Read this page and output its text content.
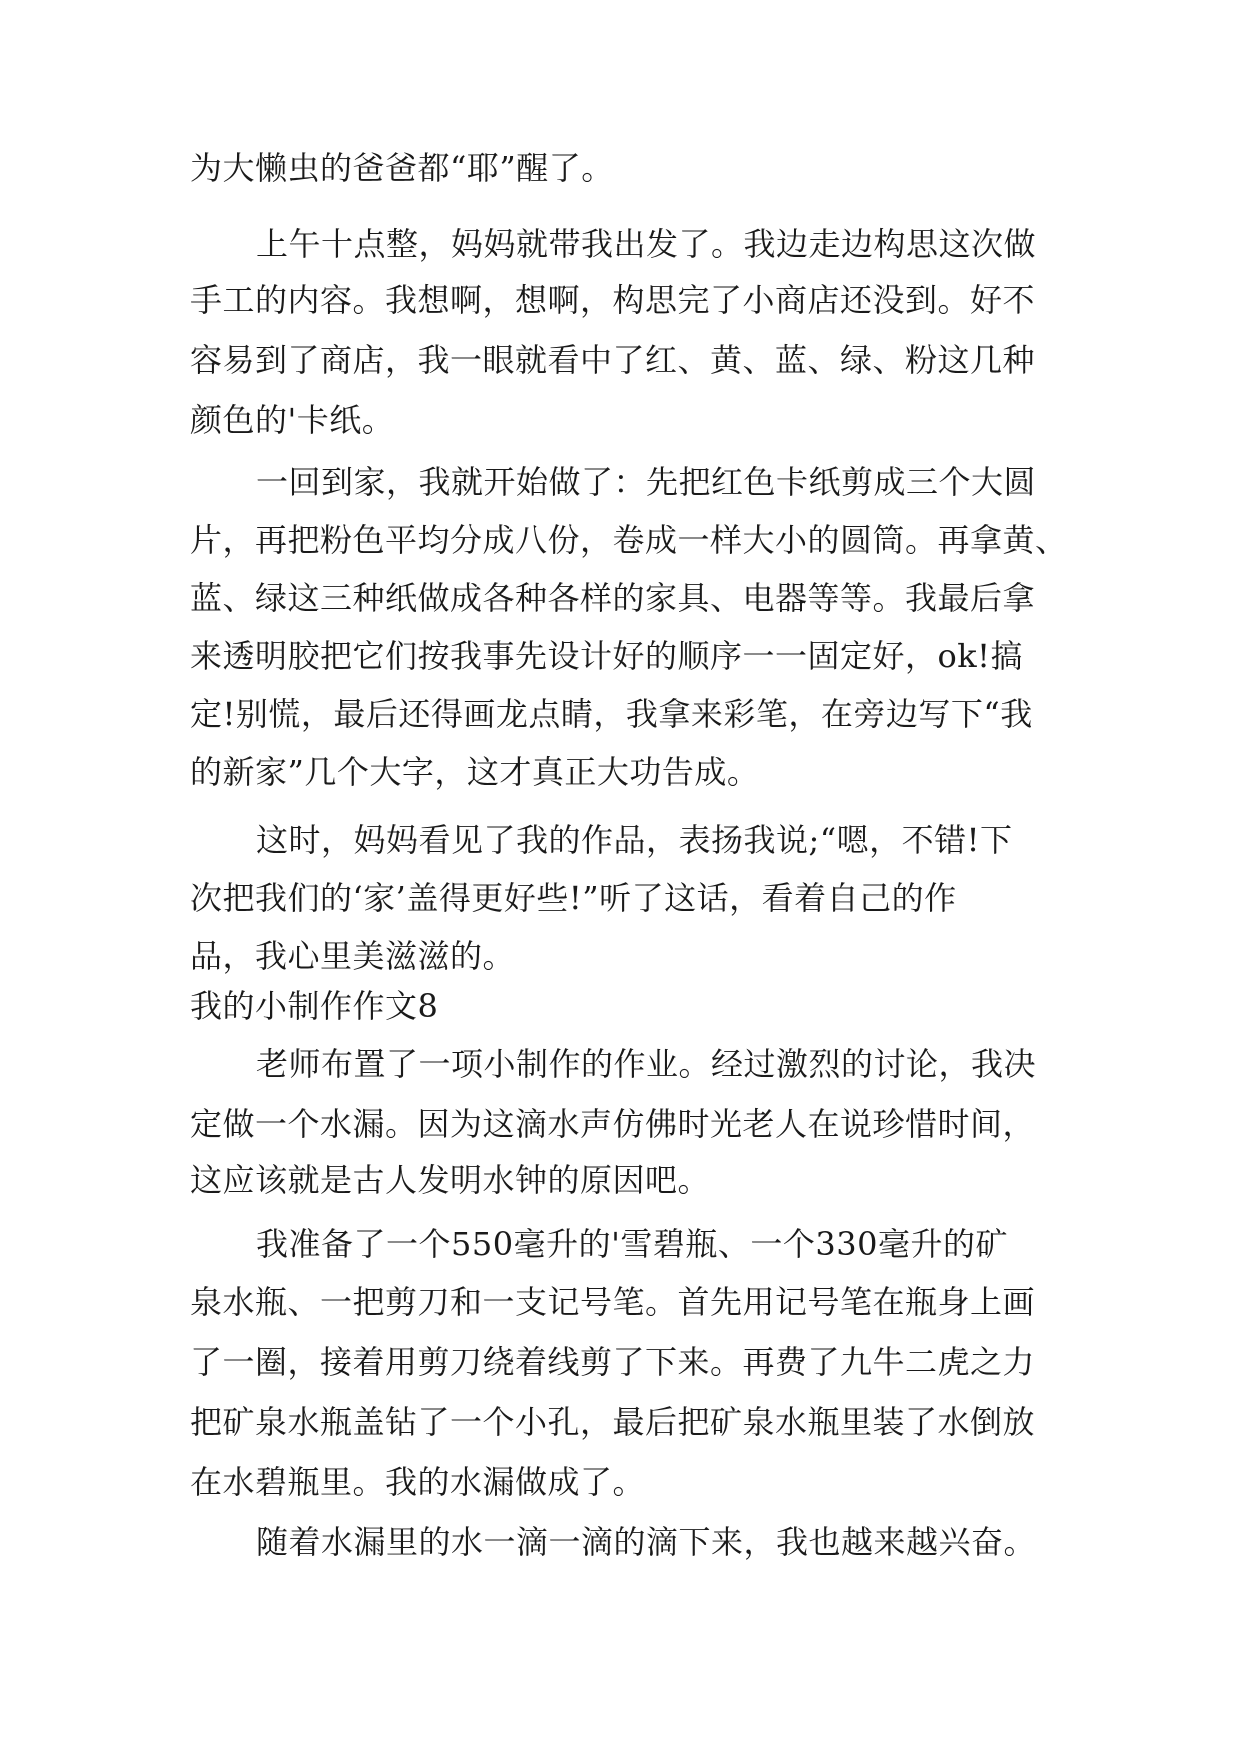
为大懒虫的爸爸都“耶”醒了。
上午十点整，妈妈就带我出发了。我边走边构思这次做
手工的内容。我想啊，想啊，构思完了小商店还没到。好不
容易到了商店，我一眼就看中了红、黄、蓝、绿、粉这几种
颜色的'卡纸。
一回到家，我就开始做了：先把红色卡纸剪成三个大圆
片，再把粉色平均分成八份，卷成一样大小的圆筒。再拿黄、
蓝、绿这三种纸做成各种各样的家具、电器等等。我最后拿
来透明胶把它们按我事先设计好的顺序一一固定好，ok!搞
定!别慌，最后还得画龙点睛，我拿来彩笔，在旁边写下“我
的新家”几个大字，这才真正大功告成。
这时，妈妈看见了我的作品，表扬我说;“嗯，不错!下
次把我们的‘家’盖得更好些!”听了这话，看着自己的作
品，我心里美滋滋的。
我的小制作作文8
老师布置了一项小制作的作业。经过激烈的讨论，我决
定做一个水漏。因为这滴水声仿佛时光老人在说珍惜时间，
这应该就是古人发明水钟的原因吧。
我准备了一个550毫升的'雪碧瓶、一个330毫升的矿
泉水瓶、一把剪刀和一支记号笔。首先用记号笔在瓶身上画
了一圈，接着用剪刀绕着线剪了下来。再费了九牛二虎之力
把矿泉水瓶盖钻了一个小孔，最后把矿泉水瓶里装了水倒放
在水碧瓶里。我的水漏做成了。
随着水漏里的水一滴一滴的滴下来，我也越来越兴奋。
